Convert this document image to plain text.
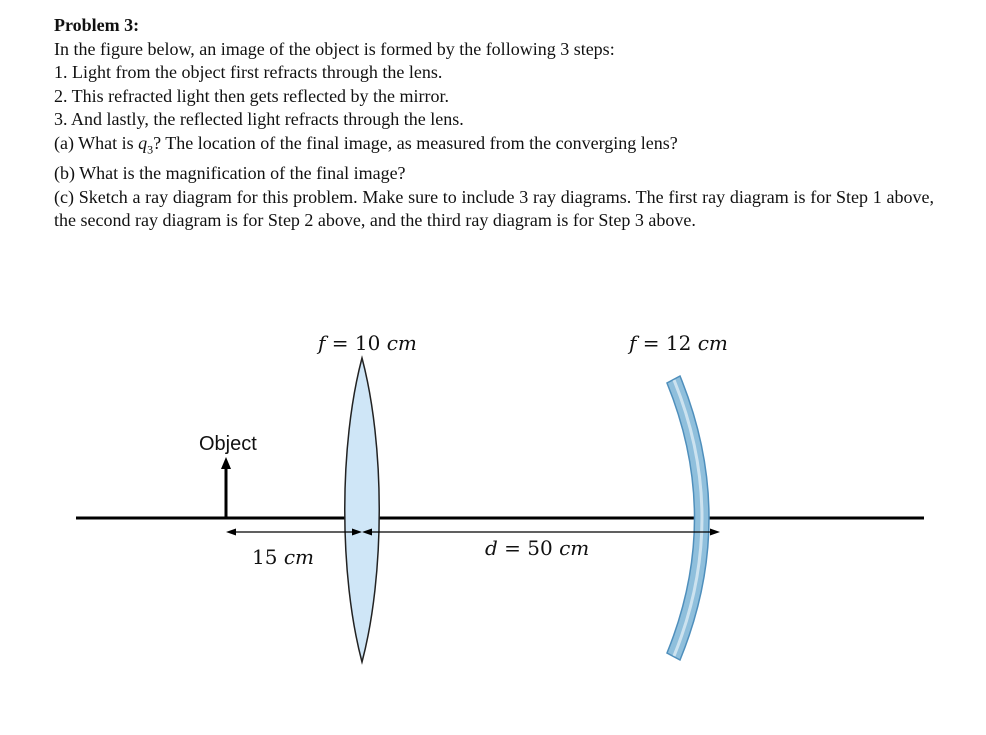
Problem 3:
In the figure below, an image of the object is formed by the following 3 steps:
1. Light from the object first refracts through the lens.
2. This refracted light then gets reflected by the mirror.
3. And lastly, the reflected light refracts through the lens.
(a) What is $q_3$? The location of the final image, as measured from the converging lens?
(b) What is the magnification of the final image?
(c) Sketch a ray diagram for this problem. Make sure to include 3 ray diagrams. The first ray diagram is for Step 1 above, the second ray diagram is for Step 2 above, and the third ray diagram is for Step 3 above.
Object
f = 10 cm	f = 12 cm
15 cm	d = 50 cm
